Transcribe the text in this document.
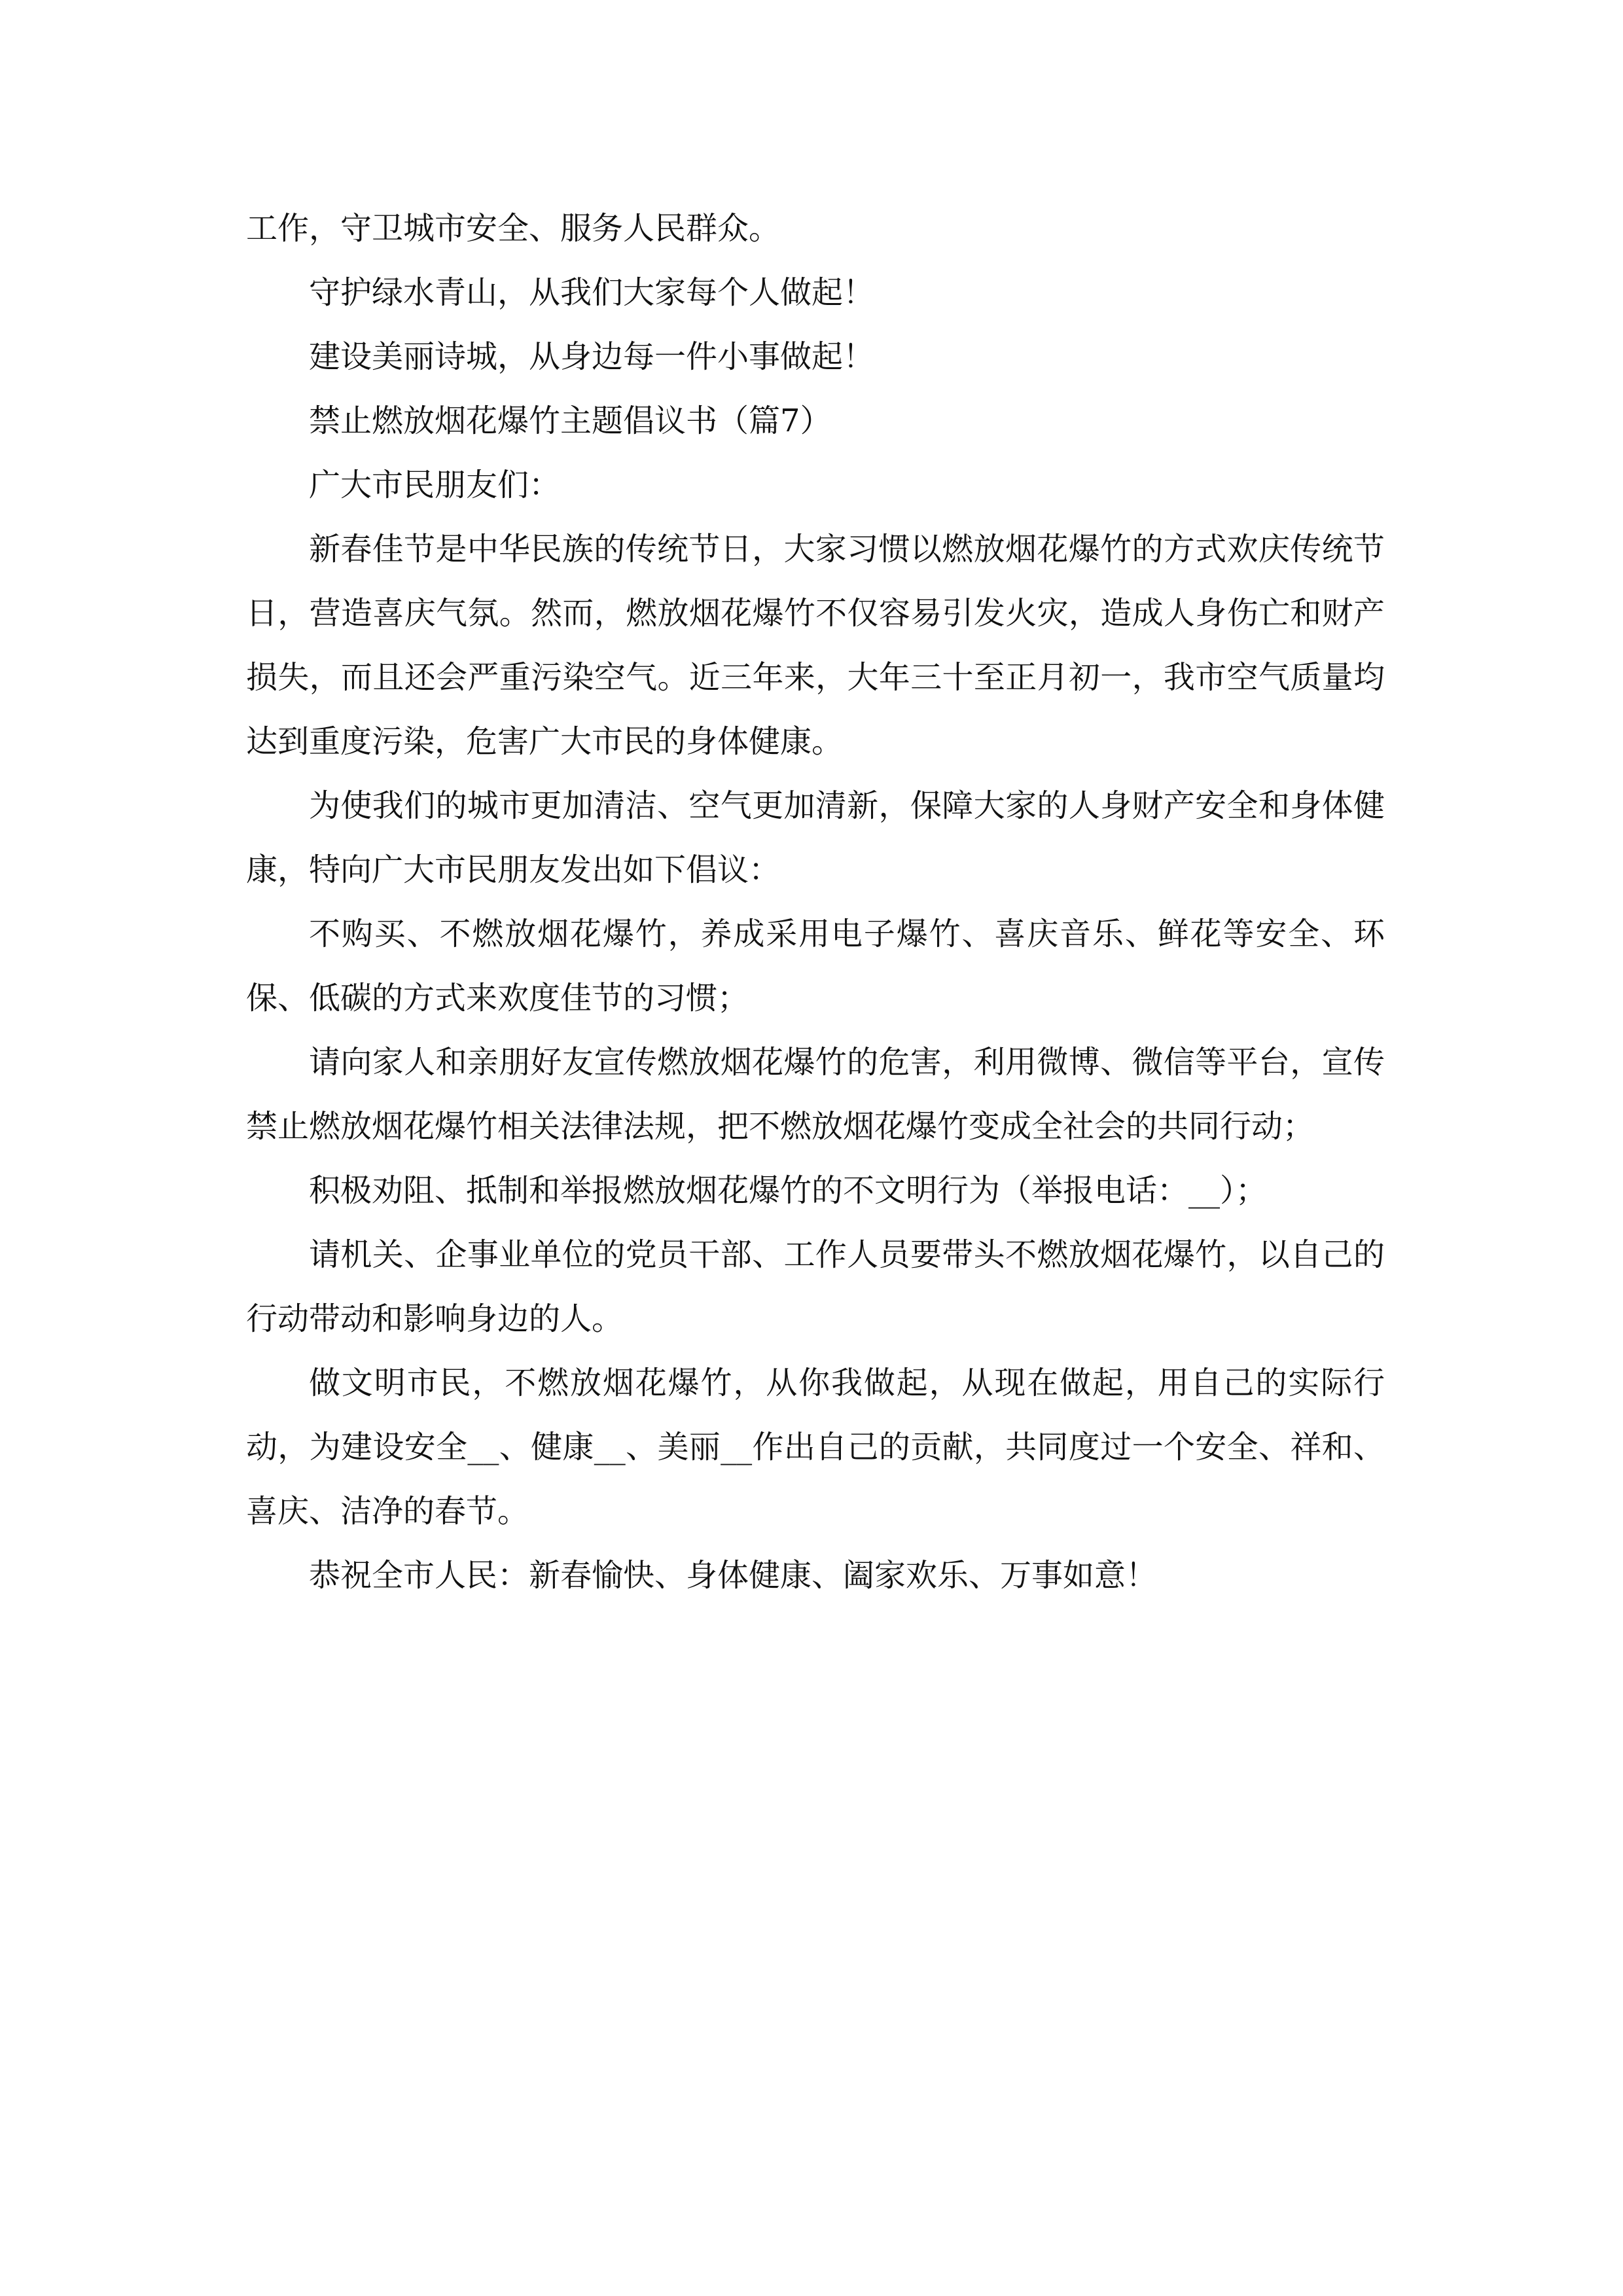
工作，守卫城市安全、服务人民群众。

守护绿水青山，从我们大家每个人做起！

建设美丽诗城，从身边每一件小事做起！

禁止燃放烟花爆竹主题倡议书（篇7）

广大市民朋友们：

新春佳节是中华民族的传统节日，大家习惯以燃放烟花爆竹的方式欢庆传统节日，营造喜庆气氛。然而，燃放烟花爆竹不仅容易引发火灾，造成人身伤亡和财产损失，而且还会严重污染空气。近三年来，大年三十至正月初一，我市空气质量均达到重度污染，危害广大市民的身体健康。

为使我们的城市更加清洁、空气更加清新，保障大家的人身财产安全和身体健康，特向广大市民朋友发出如下倡议：

不购买、不燃放烟花爆竹，养成采用电子爆竹、喜庆音乐、鲜花等安全、环保、低碳的方式来欢度佳节的习惯；

请向家人和亲朋好友宣传燃放烟花爆竹的危害，利用微博、微信等平台，宣传禁止燃放烟花爆竹相关法律法规，把不燃放烟花爆竹变成全社会的共同行动；

积极劝阻、抵制和举报燃放烟花爆竹的不文明行为（举报电话：__）；

请机关、企事业单位的党员干部、工作人员要带头不燃放烟花爆竹，以自己的行动带动和影响身边的人。

做文明市民，不燃放烟花爆竹，从你我做起，从现在做起，用自己的实际行动，为建设安全__、健康__、美丽__作出自己的贡献，共同度过一个安全、祥和、喜庆、洁净的春节。

恭祝全市人民：新春愉快、身体健康、阖家欢乐、万事如意！
